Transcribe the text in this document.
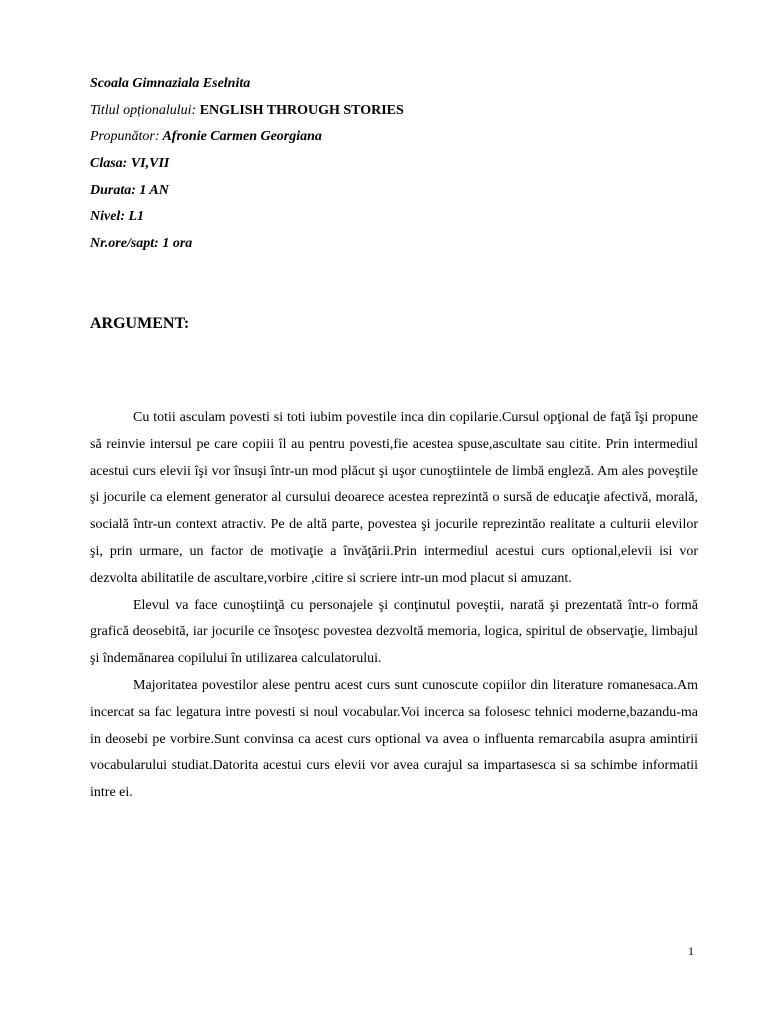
Scoala Gimnaziala Eselnita
Titlul opționalului: ENGLISH THROUGH STORIES
Propunător: Afronie Carmen Georgiana
Clasa: VI,VII
Durata: 1 AN
Nivel: L1
Nr.ore/sapt: 1 ora
ARGUMENT:

Cu totii asculam povesti si toti iubim povestile inca din copilarie.Cursul opţional de faţă îşi propune să reinvie intersul pe care copiii îl au pentru povesti,fie acestea spuse,ascultate sau citite. Prin intermediul acestui curs elevii îşi vor însuşi într-un mod plăcut şi uşor cunoştiintele de limbă engleză. Am ales poveştile şi jocurile ca element generator al cursului deoarece acestea reprezintă o sursă de educaţie afectivă, morală, socială într-un context atractiv. Pe de altă parte, povestea şi jocurile reprezintăo realitate a culturii elevilor şi, prin urmare, un factor de motivaţie a învăţării.Prin intermediul acestui curs optional,elevii isi vor dezvolta abilitatile de ascultare,vorbire ,citire si scriere intr-un mod placut si amuzant.

Elevul va face cunoştiinţă cu personajele şi conţinutul poveştii, narată şi prezentată într-o formă grafică deosebită, iar jocurile ce însoţesc povestea dezvoltă memoria, logica, spiritul de observaţie, limbajul şi îndemănarea copilului în utilizarea calculatorului.

Majoritatea povestilor alese pentru acest curs sunt cunoscute copiilor din literature romanesaca.Am incercat sa fac legatura intre povesti si noul vocabular.Voi incerca sa folosesc tehnici moderne,bazandu-ma in deosebi pe vorbire.Sunt convinsa ca acest curs optional va avea o influenta remarcabila asupra amintirii vocabularului studiat.Datorita acestui curs elevii vor avea curajul sa impartasesca si sa schimbe informatii intre ei.

1
